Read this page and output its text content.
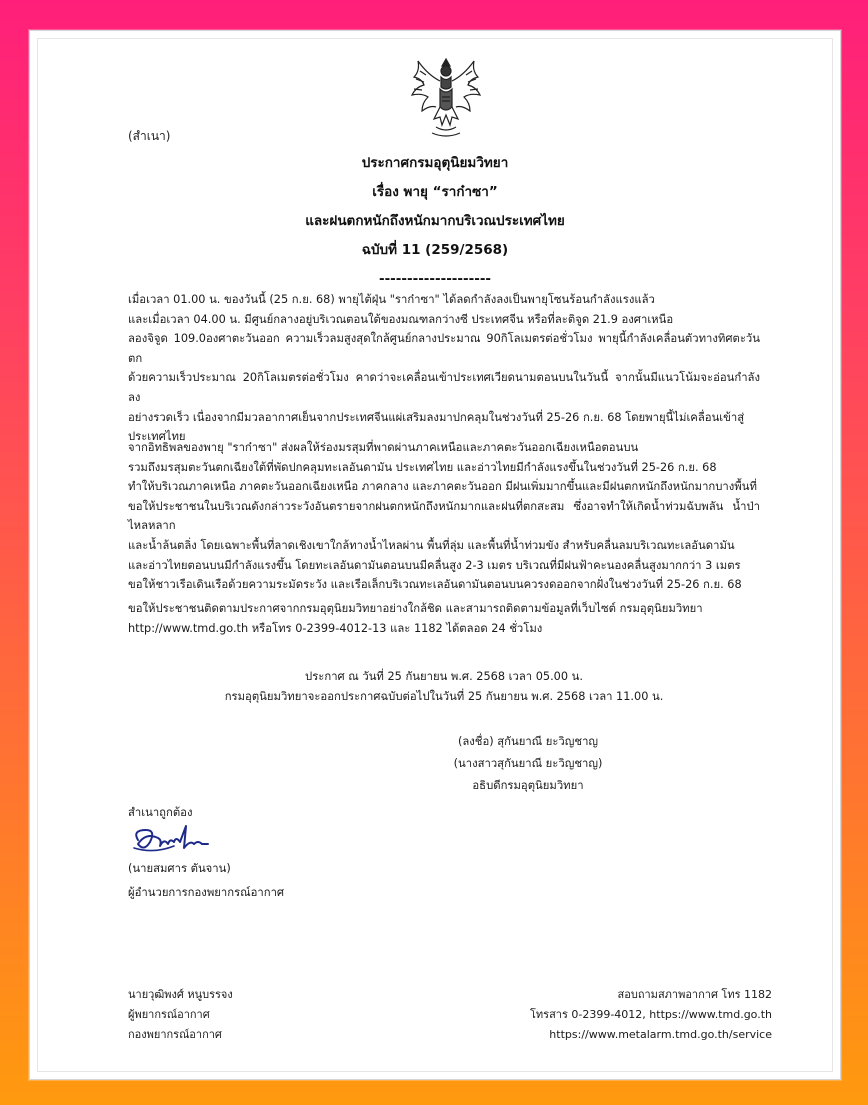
(สำเนา)
ประกาศกรมอุตุนิยมวิทยา
เรื่อง พายุ “ราก๋าซา”
และฝนตกหนักถึงหนักมากบริเวณประเทศไทย
ฉบับที่ 11 (259/2568)
--------------------
เมื่อเวลา 01.00 น. ของวันนี้ (25 ก.ย. 68) พายุไต้ฝุ่น "ราก๋าซา" ได้ลดกำลังลงเป็นพายุโซนร้อนกำลังแรงแล้ว
และเมื่อเวลา 04.00 น. มีศูนย์กลางอยู่บริเวณตอนใต้ของมณฑลกว่างซี ประเทศจีน หรือที่ละติจูด 21.9 องศาเหนือ
ลองจิจูด 109.0องศาตะวันออก ความเร็วลมสูงสุดใกล้ศูนย์กลางประมาณ 90กิโลเมตรต่อชั่วโมง พายุนี้กำลังเคลื่อนตัวทางทิศตะวันตก
ด้วยความเร็วประมาณ 20กิโลเมตรต่อชั่วโมง คาดว่าจะเคลื่อนเข้าประเทศเวียดนามตอนบนในวันนี้ จากนั้นมีแนวโน้มจะอ่อนกำลังลง
อย่างรวดเร็ว เนื่องจากมีมวลอากาศเย็นจากประเทศจีนแผ่เสริมลงมาปกคลุมในช่วงวันที่ 25-26 ก.ย. 68 โดยพายุนี้ไม่เคลื่อนเข้าสู่
ประเทศไทย
จากอิทธิพลของพายุ "ราก๋าซา" ส่งผลให้ร่องมรสุมที่พาดผ่านภาคเหนือและภาคตะวันออกเฉียงเหนือตอนบน
รวมถึงมรสุมตะวันตกเฉียงใต้ที่พัดปกคลุมทะเลอันดามัน ประเทศไทย และอ่าวไทยมีกำลังแรงขึ้นในช่วงวันที่ 25-26 ก.ย. 68
ทำให้บริเวณภาคเหนือ ภาคตะวันออกเฉียงเหนือ ภาคกลาง และภาคตะวันออก มีฝนเพิ่มมากขึ้นและมีฝนตกหนักถึงหนักมากบางพื้นที่
ขอให้ประชาชนในบริเวณดังกล่าวระวังอันตรายจากฝนตกหนักถึงหนักมากและฝนที่ตกสะสม ซึ่งอาจทำให้เกิดน้ำท่วมฉับพลัน น้ำป่าไหลหลาก
และน้ำล้นตลิ่ง โดยเฉพาะพื้นที่ลาดเชิงเขาใกล้ทางน้ำไหลผ่าน พื้นที่ลุ่ม และพื้นที่น้ำท่วมขัง สำหรับคลื่นลมบริเวณทะเลอันดามัน
และอ่าวไทยตอนบนมีกำลังแรงขึ้น โดยทะเลอันดามันตอนบนมีคลื่นสูง 2-3 เมตร บริเวณที่มีฝนฟ้าคะนองคลื่นสูงมากกว่า 3 เมตร
ขอให้ชาวเรือเดินเรือด้วยความระมัดระวัง และเรือเล็กบริเวณทะเลอันดามันตอนบนควรงดออกจากฝั่งในช่วงวันที่ 25-26 ก.ย. 68
ขอให้ประชาชนติดตามประกาศจากกรมอุตุนิยมวิทยาอย่างใกล้ชิด และสามารถติดตามข้อมูลที่เว็บไซต์ กรมอุตุนิยมวิทยา
http://www.tmd.go.th หรือโทร 0-2399-4012-13 และ 1182 ได้ตลอด 24 ชั่วโมง
ประกาศ ณ วันที่ 25 กันยายน พ.ศ. 2568 เวลา 05.00 น.
กรมอุตุนิยมวิทยาจะออกประกาศฉบับต่อไปในวันที่ 25 กันยายน พ.ศ. 2568 เวลา 11.00 น.
(ลงชื่อ) สุกันยาณี ยะวิญชาญ
(นางสาวสุกันยาณี ยะวิญชาญ)
อธิบดีกรมอุตุนิยมวิทยา
สำเนาถูกต้อง
(นายสมศาร ตันจาน)
ผู้อำนวยการกองพยากรณ์อากาศ
นายวุฒิพงศ์ หนูบรรจง
ผู้พยากรณ์อากาศ
กองพยากรณ์อากาศ
สอบถามสภาพอากาศ โทร 1182
โทรสาร 0-2399-4012, https://www.tmd.go.th
https://www.metalarm.tmd.go.th/service
